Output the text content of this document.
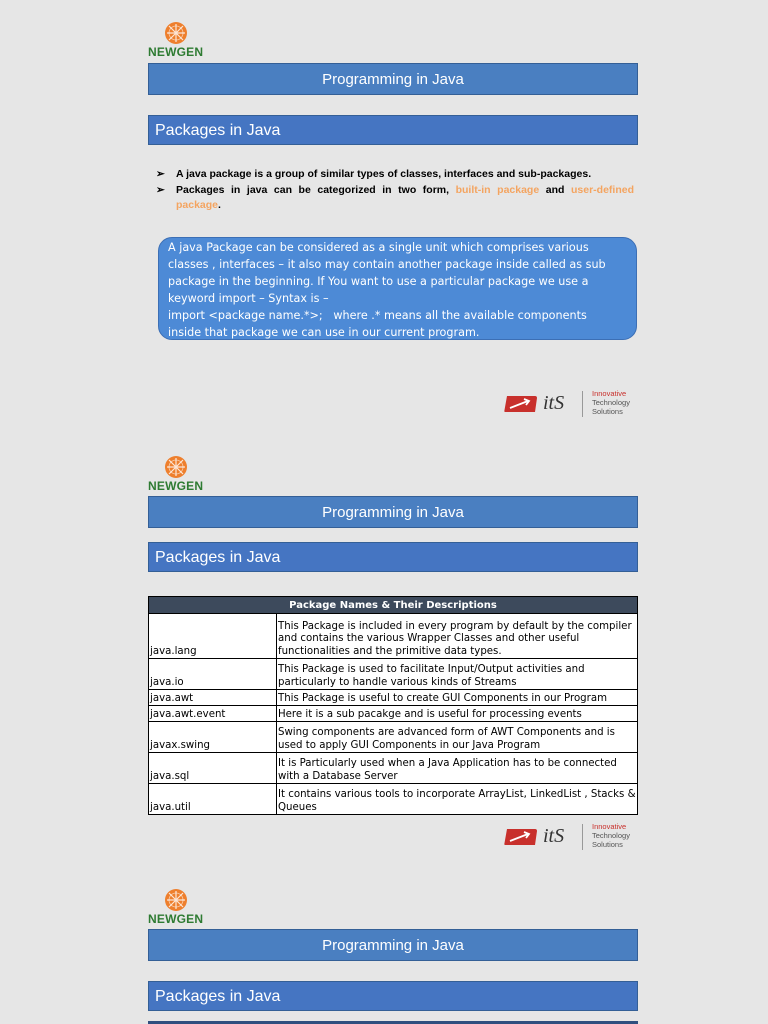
NEWGEN
Programming in Java
Packages in Java
➢ A java package is a group of similar types of classes, interfaces and sub-packages.
➢ Packages in java can be categorized in two form, built-in package and user-defined package.
A java Package can be considered as a single unit which comprises various
classes , interfaces – it also may contain another package inside called as sub
package in the beginning. If You want to use a particular package we use a
keyword import – Syntax is –
import <package name.*>;   where .* means all the available components
inside that package we can use in our current program.
itS	Innovative
Technology
Solutions
NEWGEN
Programming in Java
Packages in Java
Package Names & Their Descriptions	
java.lang	This Package is included in every program by default by the compiler
and contains the various Wrapper Classes and other useful
functionalities and the primitive data types.

java.io	This Package is used to facilitate Input/Output activities and
particularly to handle various kinds of Streams

java.awt	This Package is useful to create GUI Components in our Program

java.awt.event	Here it is a sub pacakge and is useful for processing events

javax.swing	Swing components are advanced form of AWT Components and is
used to apply GUI Components in our Java Program

java.sql	It is Particularly used when a Java Application has to be connected
with a Database Server

java.util	It contains various tools to incorporate ArrayList, LinkedList , Stacks &
Queues
itS	Innovative
Technology
Solutions
NEWGEN
Programming in Java
Packages in Java
